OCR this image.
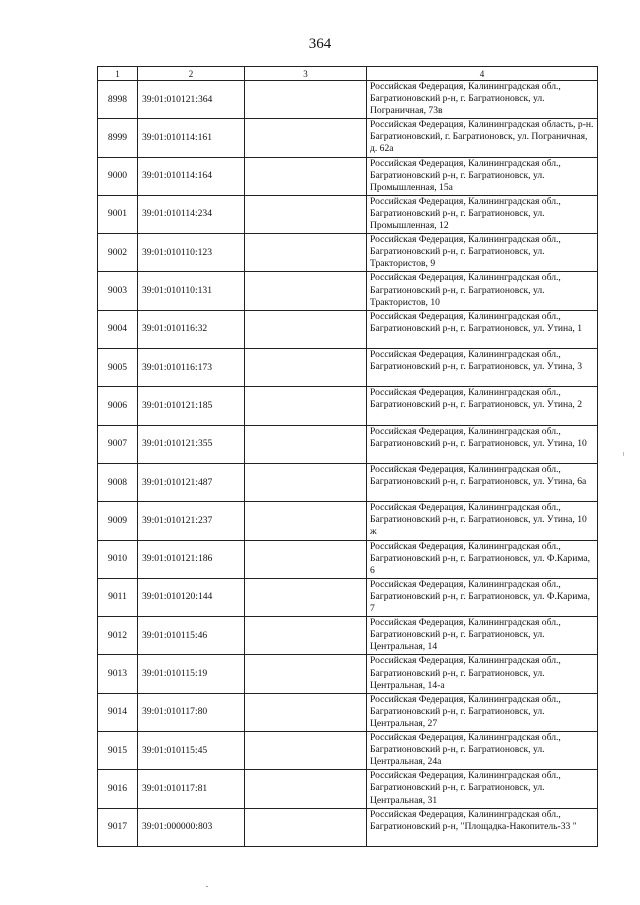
364
1	2	3	4
8998	39:01:010121:364		Российская Федерация, Калининградская обл., Багратионовский р-н, г. Багратионовск, ул. Пограничная, 73в
8999	39:01:010114:161		Российская Федерация, Калининградская область, р-н. Багратионовский, г. Багратионовск, ул. Пограничная, д. 62а
9000	39:01:010114:164		Российская Федерация, Калининградская обл., Багратионовский р-н, г. Багратионовск, ул. Промышленная, 15а
9001	39:01:010114:234		Российская Федерация, Калининградская обл., Багратионовский р-н, г. Багратионовск, ул. Промышленная, 12
9002	39:01:010110:123		Российская Федерация, Калининградская обл., Багратионовский р-н, г. Багратионовск, ул. Трактористов, 9
9003	39:01:010110:131		Российская Федерация, Калининградская обл., Багратионовский р-н, г. Багратионовск, ул. Трактористов, 10
9004	39:01:010116:32		Российская Федерация, Калининградская обл., Багратионовский р-н, г. Багратионовск, ул. Утина, 1
9005	39:01:010116:173		Российская Федерация, Калининградская обл., Багратионовский р-н, г. Багратионовск, ул. Утина, 3
9006	39:01:010121:185		Российская Федерация, Калининградская обл., Багратионовский р-н, г. Багратионовск, ул. Утина, 2
9007	39:01:010121:355		Российская Федерация, Калининградская обл., Багратионовский р-н, г. Багратионовск, ул. Утина, 10
9008	39:01:010121:487		Российская Федерация, Калининградская обл., Багратионовский р-н, г. Багратионовск, ул. Утина, 6а
9009	39:01:010121:237		Российская Федерация, Калининградская обл., Багратионовский р-н, г. Багратионовск, ул. Утина, 10 ж
9010	39:01:010121:186		Российская Федерация, Калининградская обл., Багратионовский р-н, г. Багратионовск, ул. Ф.Карима, 6
9011	39:01:010120:144		Российская Федерация, Калининградская обл., Багратионовский р-н, г. Багратионовск, ул. Ф.Карима, 7
9012	39:01:010115:46		Российская Федерация, Калининградская обл., Багратионовский р-н, г. Багратионовск, ул. Центральная, 14
9013	39:01:010115:19		Российская Федерация, Калининградская обл., Багратионовский р-н, г. Багратионовск, ул. Центральная, 14-а
9014	39:01:010117:80		Российская Федерация, Калининградская обл., Багратионовский р-н, г. Багратионовск, ул. Центральная, 27
9015	39:01:010115:45		Российская Федерация, Калининградская обл., Багратионовский р-н, г. Багратионовск, ул. Центральная, 24а
9016	39:01:010117:81		Российская Федерация, Калининградская обл., Багратионовский р-н, г. Багратионовск, ул. Центральная, 31
9017	39:01:000000:803		Российская Федерация, Калининградская обл., Багратионовский р-н, "Площадка-Накопитель-33 "
